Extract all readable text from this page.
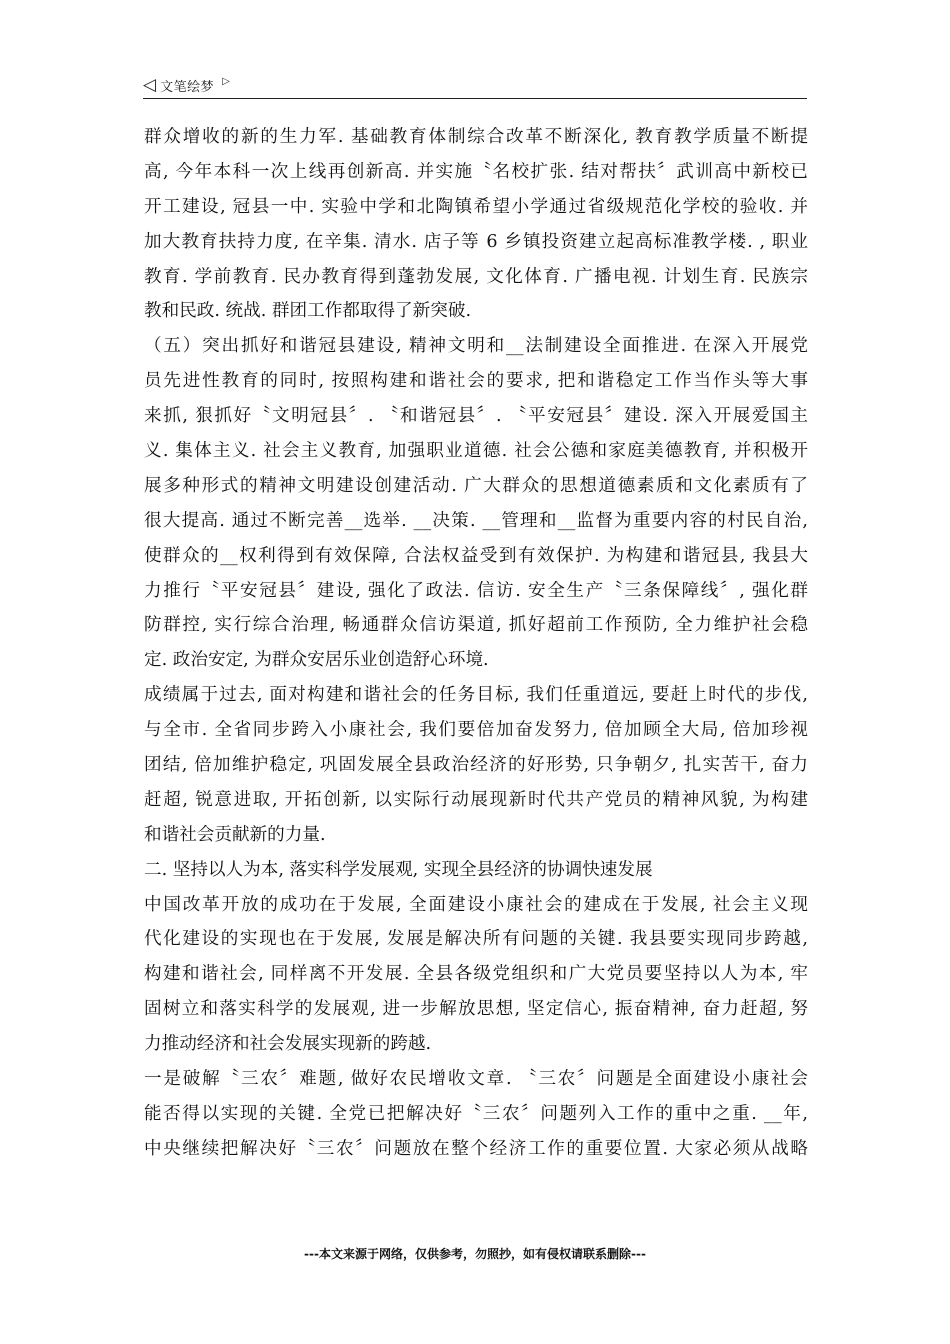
◁ 文笔绘梦 ▷
群众增收的新的生力军. 基础教育体制综合改革不断深化, 教育教学质量不断提
高, 今年本科一次上线再创新高. 并实施〝名校扩张. 结对帮扶〞武训高中新校已
开工建设, 冠县一中. 实验中学和北陶镇希望小学通过省级规范化学校的验收. 并
加大教育扶持力度, 在辛集. 清水. 店子等 6 乡镇投资建立起高标准教学楼. , 职业
教育. 学前教育. 民办教育得到蓬勃发展, 文化体育. 广播电视. 计划生育. 民族宗
教和民政. 统战. 群团工作都取得了新突破.
（五）突出抓好和谐冠县建设, 精神文明和__法制建设全面推进. 在深入开展党
员先进性教育的同时, 按照构建和谐社会的要求, 把和谐稳定工作当作头等大事
来抓, 狠抓好〝文明冠县〞. 〝和谐冠县〞. 〝平安冠县〞建设. 深入开展爱国主
义. 集体主义. 社会主义教育, 加强职业道德. 社会公德和家庭美德教育, 并积极开
展多种形式的精神文明建设创建活动. 广大群众的思想道德素质和文化素质有了
很大提高. 通过不断完善__选举. __决策. __管理和__监督为重要内容的村民自治,
使群众的__权利得到有效保障, 合法权益受到有效保护. 为构建和谐冠县, 我县大
力推行〝平安冠县〞建设, 强化了政法. 信访. 安全生产〝三条保障线〞, 强化群
防群控, 实行综合治理, 畅通群众信访渠道, 抓好超前工作预防, 全力维护社会稳
定. 政治安定, 为群众安居乐业创造舒心环境.
成绩属于过去, 面对构建和谐社会的任务目标, 我们任重道远, 要赶上时代的步伐,
与全市. 全省同步跨入小康社会, 我们要倍加奋发努力, 倍加顾全大局, 倍加珍视
团结, 倍加维护稳定, 巩固发展全县政治经济的好形势, 只争朝夕, 扎实苦干, 奋力
赶超, 锐意进取, 开拓创新, 以实际行动展现新时代共产党员的精神风貌, 为构建
和谐社会贡献新的力量.
二. 坚持以人为本, 落实科学发展观, 实现全县经济的协调快速发展
中国改革开放的成功在于发展, 全面建设小康社会的建成在于发展, 社会主义现
代化建设的实现也在于发展, 发展是解决所有问题的关键. 我县要实现同步跨越,
构建和谐社会, 同样离不开发展. 全县各级党组织和广大党员要坚持以人为本, 牢
固树立和落实科学的发展观, 进一步解放思想, 坚定信心, 振奋精神, 奋力赶超, 努
力推动经济和社会发展实现新的跨越.
一是破解〝三农〞难题, 做好农民增收文章. 〝三农〞问题是全面建设小康社会
能否得以实现的关键. 全党已把解决好〝三农〞问题列入工作的重中之重. __年,
中央继续把解决好〝三农〞问题放在整个经济工作的重要位置. 大家必须从战略
---本文来源于网络，仅供参考，勿照抄，如有侵权请联系删除---
